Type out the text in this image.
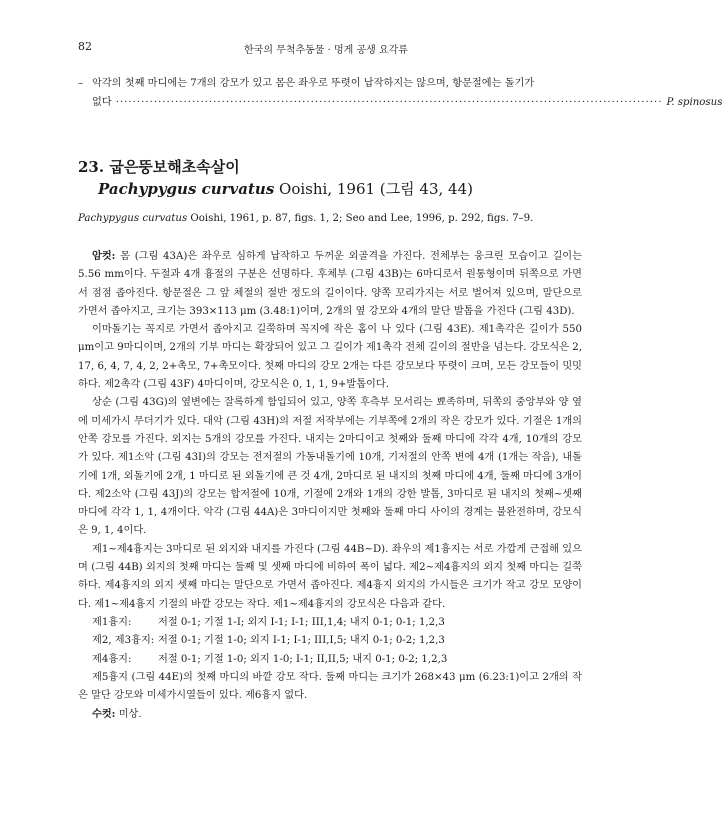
82	한국의 무척추동물 · 멍게 공생 요각류
– 악각의 첫째 마디에는 7개의 강모가 있고 몸은 좌우로 뚜렷이 납작하지는 않으며, 항문절에는 돌기가
없다 ································································································································· P. spinosus
23. 굽은뚱보해초속살이
Pachypygus curvatus Ooishi, 1961 (그림 43, 44)
Pachypygus curvatus Ooishi, 1961, p. 87, figs. 1, 2; Seo and Lee, 1996, p. 292, figs. 7–9.

암컷: 몸 (그림 43A)은 좌우로 심하게 납작하고 두꺼운 외골격을 가진다. 전체부는 웅크린 모습이고 길이는 5.56 mm이다. 두절과 4개 흉절의 구분은 선명하다. 후체부 (그림 43B)는 6마디로서 원통형이며 뒤쪽으로 가면서 점점 좁아진다. 항문절은 그 앞 체절의 절반 정도의 길이이다. 양쪽 꼬리가지는 서로 벌어져 있으며, 말단으로 가면서 좁아지고, 크기는 393×113 μm (3.48:1)이며, 2개의 옆 강모와 4개의 말단 발톱을 가진다 (그림 43D).

이마돌기는 꼭지로 가면서 좁아지고 길쭉하며 꼭지에 작은 홈이 나 있다 (그림 43E). 제1촉각은 길이가 550 μm이고 9마디이며, 2개의 기부 마디는 확장되어 있고 그 길이가 제1촉각 전체 길이의 절반을 넘는다. 강모식은 2, 17, 6, 4, 7, 4, 2, 2+촉모, 7+촉모이다. 첫째 마디의 강모 2개는 다른 강모보다 뚜렷이 크며, 모든 강모들이 밋밋하다. 제2촉각 (그림 43F) 4마디이며, 강모식은 0, 1, 1, 9+발톱이다.

상순 (그림 43G)의 옆변에는 잘록하게 함입되어 있고, 양쪽 후측부 모서리는 뾰족하며, 뒤쪽의 중앙부와 양 옆에 미세가시 무더기가 있다. 대악 (그림 43H)의 저절 저작부에는 기부쪽에 2개의 작은 강모가 있다. 기절은 1개의 안쪽 강모를 가진다. 외지는 5개의 강모를 가진다. 내지는 2마디이고 첫째와 둘째 마디에 각각 4개, 10개의 강모가 있다. 제1소악 (그림 43I)의 강모는 전저절의 가동내돌기에 10개, 기저절의 안쪽 변에 4개 (1개는 작음), 내돌기에 1개, 외돌기에 2개, 1 마디로 된 외돌기에 큰 것 4개, 2마디로 된 내지의 첫째 마디에 4개, 둘째 마디에 3개이다. 제2소악 (그림 43J)의 강모는 합저절에 10개, 기절에 2개와 1개의 강한 발톱, 3마디로 된 내지의 첫째~셋째 마디에 각각 1, 1, 4개이다. 악각 (그림 44A)은 3마디이지만 첫째와 둘째 마디 사이의 경계는 불완전하며, 강모식은 9, 1, 4이다.

제1~제4흉지는 3마디로 된 외지와 내지를 가진다 (그림 44B~D). 좌우의 제1흉지는 서로 가깝게 근접해 있으며 (그림 44B) 외지의 첫째 마디는 둘째 및 셋째 마디에 비하여 폭이 넓다. 제2~제4흉지의 외지 첫째 마디는 길쭉하다. 제4흉지의 외지 셋째 마디는 말단으로 가면서 좁아진다. 제4흉지 외지의 가시들은 크기가 작고 강모 모양이다. 제1~제4흉지 기절의 바깥 강모는 작다. 제1~제4흉지의 강모식은 다음과 같다.

제1흉지:	저절 0-1; 기절 1-I; 외지 I-1; I-1; III,1,4; 내지 0-1; 0-1; 1,2,3
제2, 제3흉지: 저절 0-1; 기절 1-0; 외지 I-1; I-1; III,I,5; 내지 0-1; 0-2; 1,2,3
제4흉지:	저절 0-1; 기절 1-0; 외지 1-0; I-1; II,II,5; 내지 0-1; 0-2; 1,2,3

제5흉지 (그림 44E)의 첫째 마디의 바깥 강모 작다. 둘째 마디는 크기가 268×43 μm (6.23:1)이고 2개의 작은 말단 강모와 미세가시열들이 있다. 제6흉지 없다.

수컷: 미상.
